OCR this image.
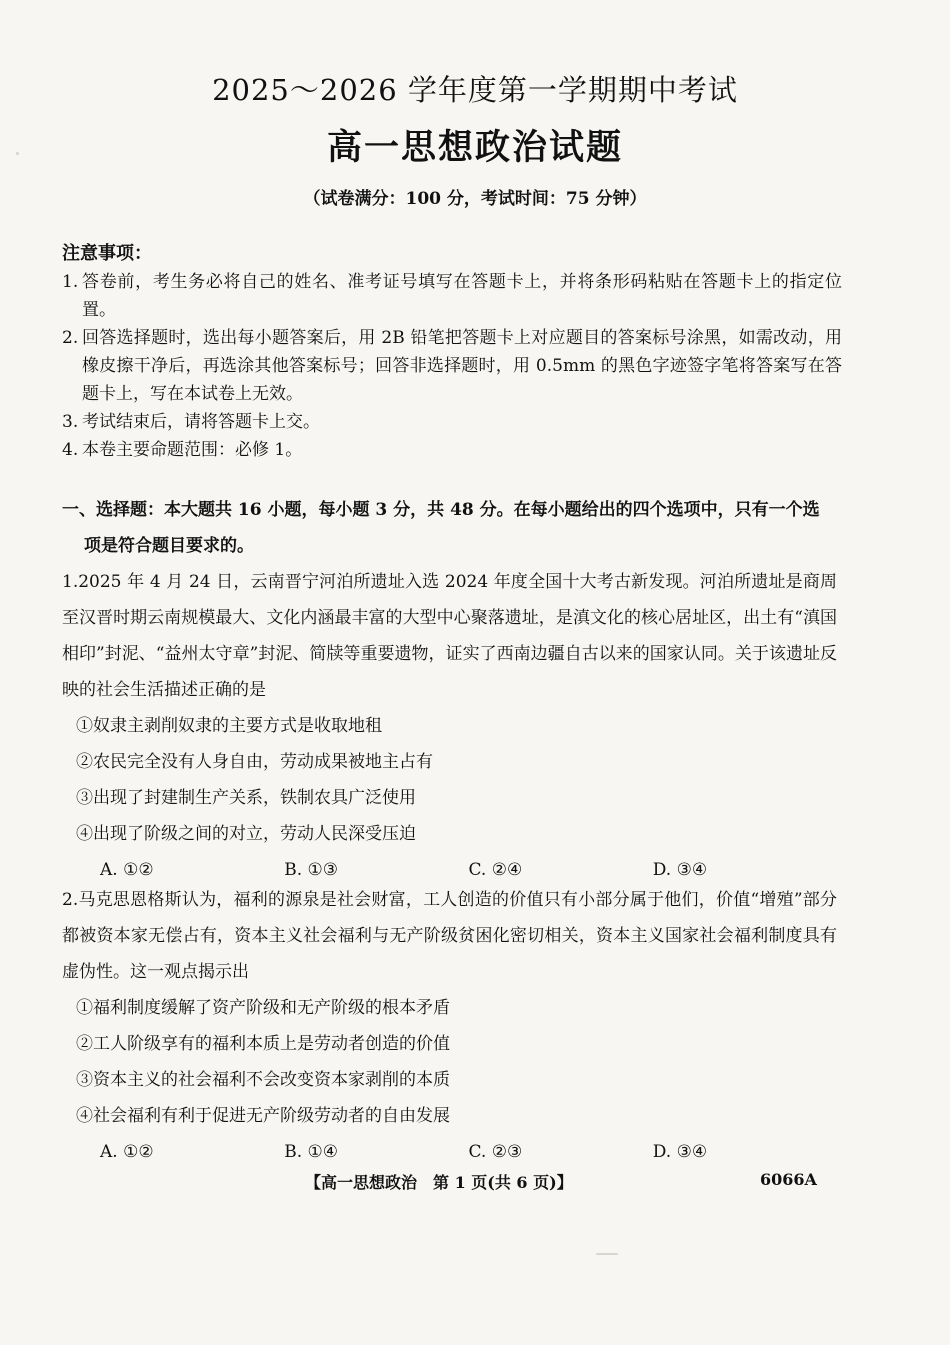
2025～2026 学年度第一学期期中考试
高一思想政治试题
（试卷满分：100 分，考试时间：75 分钟）
注意事项：
1. 答卷前，考生务必将自己的姓名、准考证号填写在答题卡上，并将条形码粘贴在答题卡上的指定位置。
2. 回答选择题时，选出每小题答案后，用 2B 铅笔把答题卡上对应题目的答案标号涂黑，如需改动，用橡皮擦干净后，再选涂其他答案标号；回答非选择题时，用 0.5mm 的黑色字迹签字笔将答案写在答题卡上，写在本试卷上无效。
3. 考试结束后，请将答题卡上交。
4. 本卷主要命题范围：必修 1。
一、选择题：本大题共 16 小题，每小题 3 分，共 48 分。在每小题给出的四个选项中，只有一个选
项是符合题目要求的。
1.2025 年 4 月 24 日，云南晋宁河泊所遗址入选 2024 年度全国十大考古新发现。河泊所遗址是商周至汉晋时期云南规模最大、文化内涵最丰富的大型中心聚落遗址，是滇文化的核心居址区，出土有“滇国相印”封泥、“益州太守章”封泥、简牍等重要遗物，证实了西南边疆自古以来的国家认同。关于该遗址反映的社会生活描述正确的是
①奴隶主剥削奴隶的主要方式是收取地租
②农民完全没有人身自由，劳动成果被地主占有
③出现了封建制生产关系，铁制农具广泛使用
④出现了阶级之间的对立，劳动人民深受压迫
A. ①②	B. ①③	C. ②④	D. ③④
2.马克思恩格斯认为，福利的源泉是社会财富，工人创造的价值只有小部分属于他们，价值“增殖”部分都被资本家无偿占有，资本主义社会福利与无产阶级贫困化密切相关，资本主义国家社会福利制度具有虚伪性。这一观点揭示出
①福利制度缓解了资产阶级和无产阶级的根本矛盾
②工人阶级享有的福利本质上是劳动者创造的价值
③资本主义的社会福利不会改变资本家剥削的本质
④社会福利有利于促进无产阶级劳动者的自由发展
A. ①②	B. ①④	C. ②③	D. ③④
【高一思想政治　第 1 页(共 6 页)】	6066A
